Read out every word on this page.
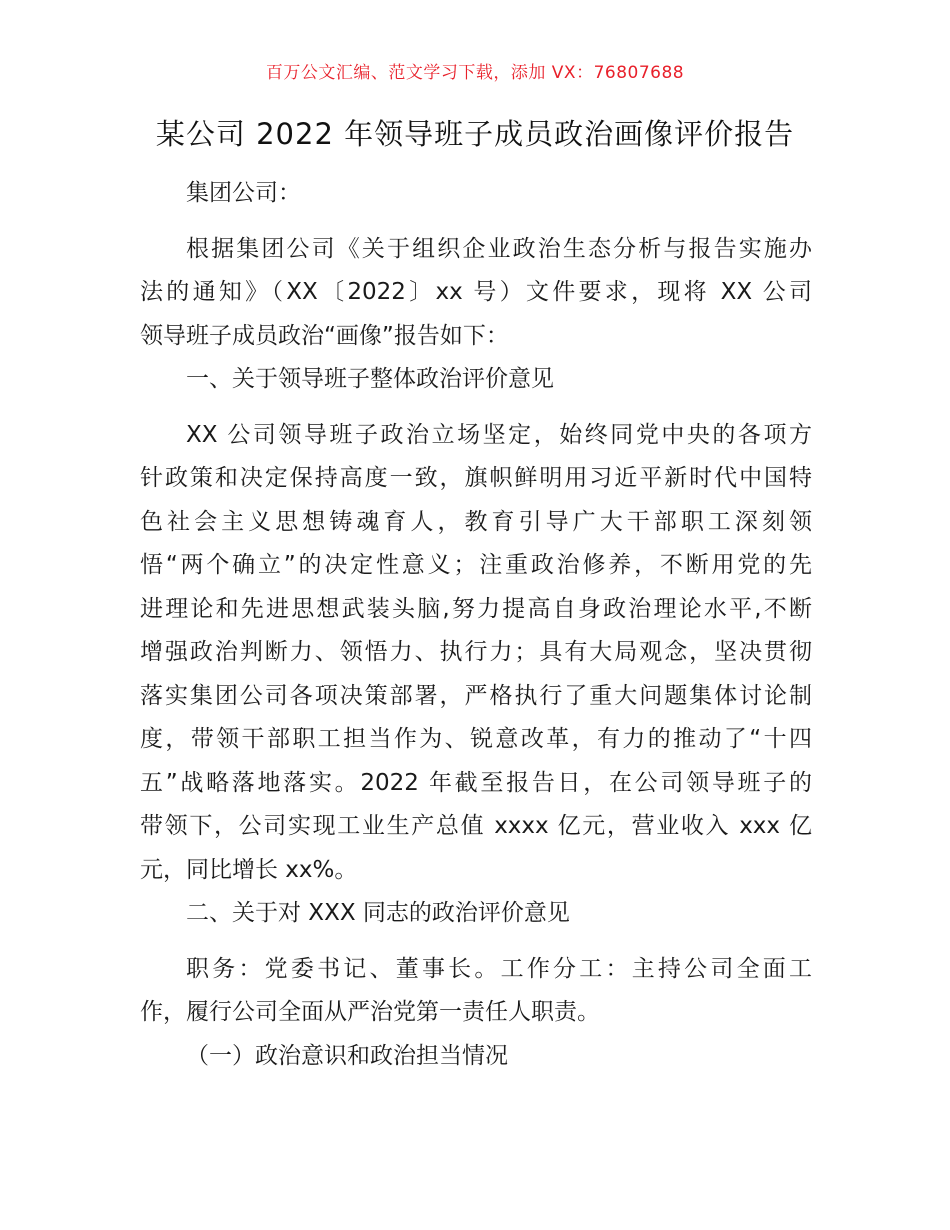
百万公文汇编、范文学习下载，添加 VX：76807688
某公司 2022 年领导班子成员政治画像评价报告

集团公司：

根据集团公司《关于组织企业政治生态分析与报告实施办
法的通知》（XX〔2022〕xx 号）文件要求，现将 XX 公司
领导班子成员政治“画像”报告如下：

一、关于领导班子整体政治评价意见

XX 公司领导班子政治立场坚定，始终同党中央的各项方
针政策和决定保持高度一致，旗帜鲜明用习近平新时代中国特
色社会主义思想铸魂育人，教育引导广大干部职工深刻领
悟“两个确立”的决定性意义；注重政治修养，不断用党的先
进理论和先进思想武装头脑,努力提高自身政治理论水平,不断
增强政治判断力、领悟力、执行力；具有大局观念，坚决贯彻
落实集团公司各项决策部署，严格执行了重大问题集体讨论制
度，带领干部职工担当作为、锐意改革，有力的推动了“十四
五”战略落地落实。2022 年截至报告日，在公司领导班子的
带领下，公司实现工业生产总值 xxxx 亿元，营业收入 xxx 亿
元，同比增长 xx%。

二、关于对 XXX 同志的政治评价意见

职务：党委书记、董事长。工作分工：主持公司全面工
作，履行公司全面从严治党第一责任人职责。

（一）政治意识和政治担当情况
